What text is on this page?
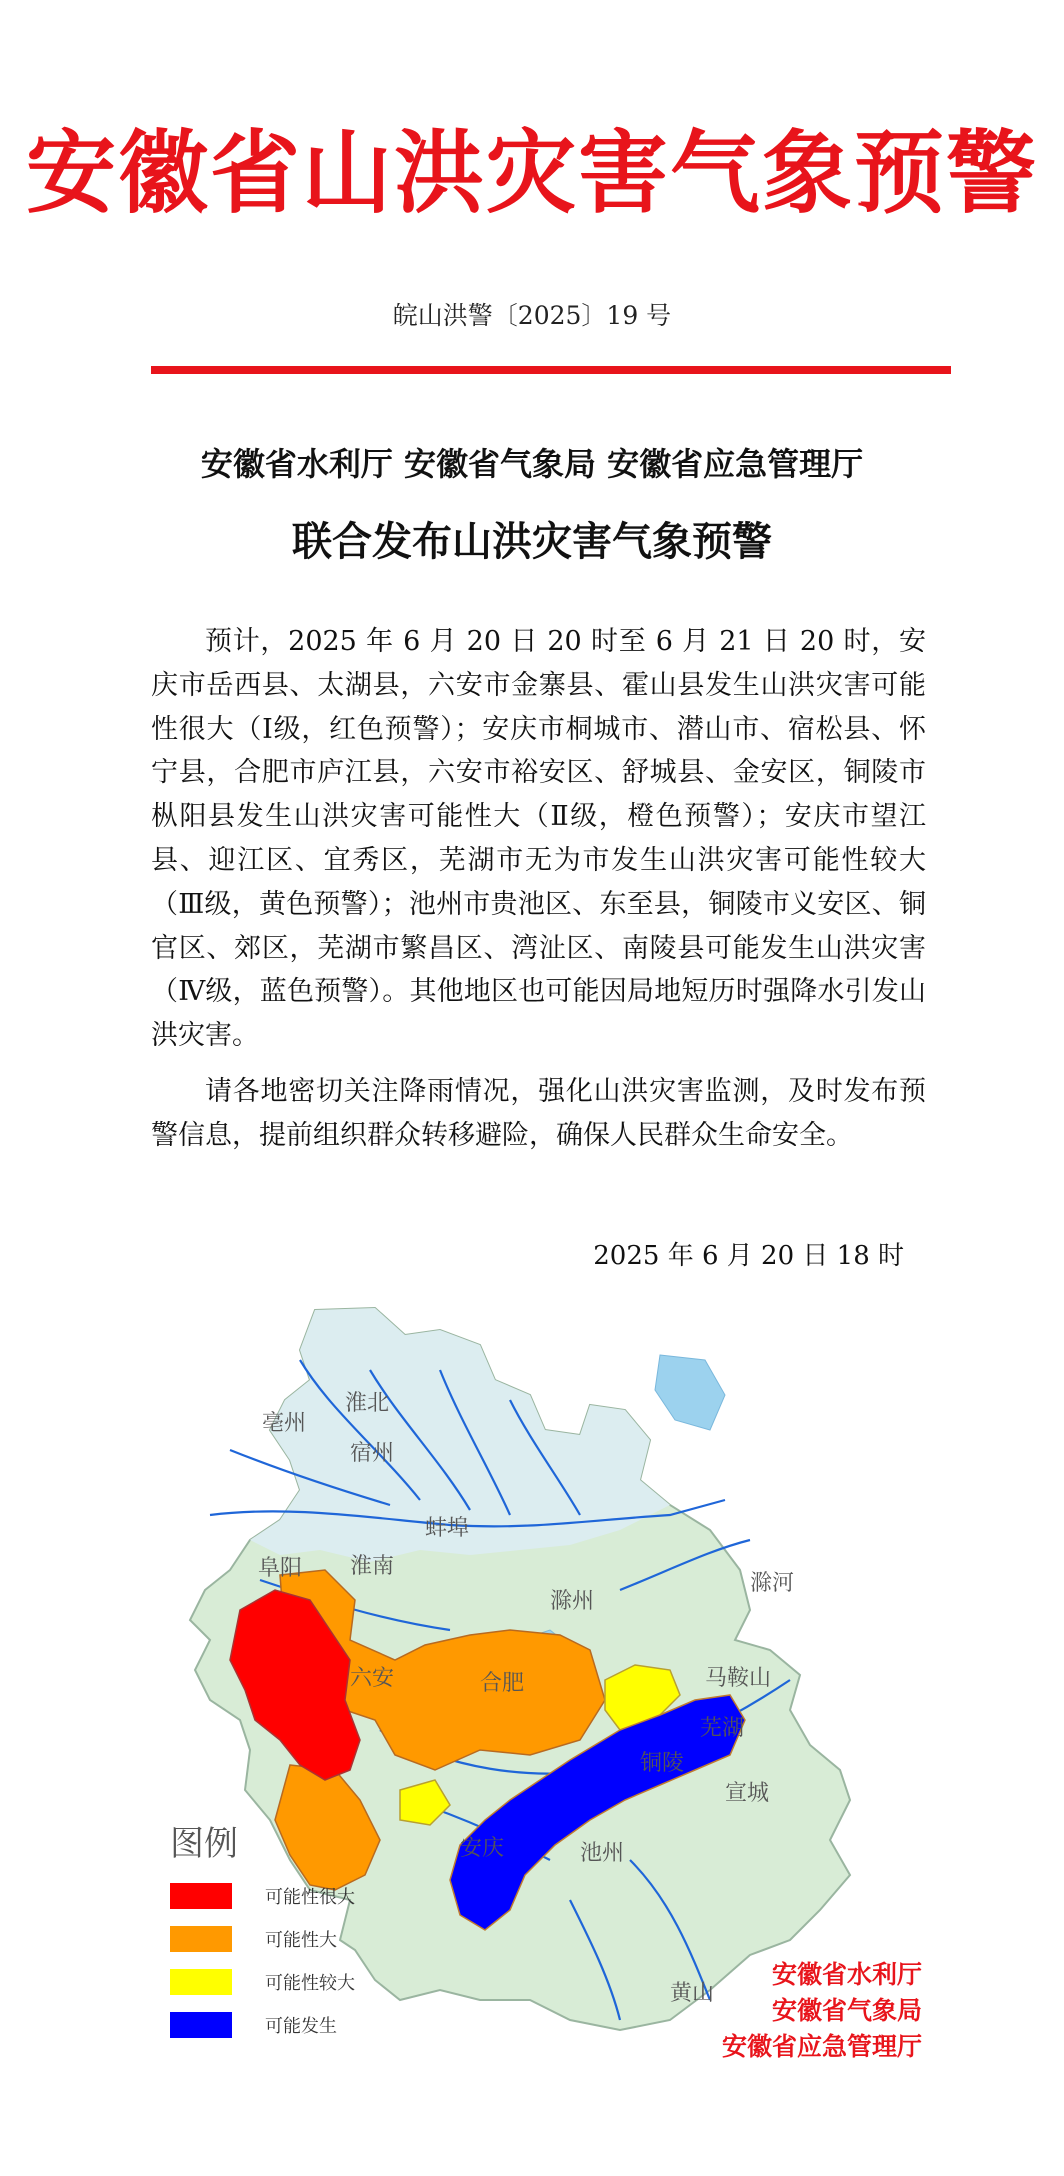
安徽省山洪灾害气象预警
皖山洪警〔2025〕19 号
安徽省水利厅 安徽省气象局 安徽省应急管理厅
联合发布山洪灾害气象预警

预计，2025 年 6 月 20 日 20 时至 6 月 21 日 20 时，安庆市岳西县、太湖县，六安市金寨县、霍山县发生山洪灾害可能性很大（Ⅰ级，红色预警）；安庆市桐城市、潜山市、宿松县、怀宁县，合肥市庐江县，六安市裕安区、舒城县、金安区，铜陵市枞阳县发生山洪灾害可能性大（Ⅱ级，橙色预警）；安庆市望江县、迎江区、宜秀区，芜湖市无为市发生山洪灾害可能性较大（Ⅲ级，黄色预警）；池州市贵池区、东至县，铜陵市义安区、铜官区、郊区，芜湖市繁昌区、湾沚区、南陵县可能发生山洪灾害（Ⅳ级，蓝色预警）。其他地区也可能因局地短历时强降水引发山洪灾害。

请各地密切关注降雨情况，强化山洪灾害监测，及时发布预警信息，提前组织群众转移避险，确保人民群众生命安全。

2025 年 6 月 20 日 18 时
亳州
淮北
宿州
阜阳
蚌埠
淮南
滁州
合肥
六安	马鞍山
芜湖
宣城
铜陵
池州
安庆
黄山
滁河
图例
可能性很大
可能性大
可能性较大
可能发生
安徽省水利厅
安徽省气象局
安徽省应急管理厅
